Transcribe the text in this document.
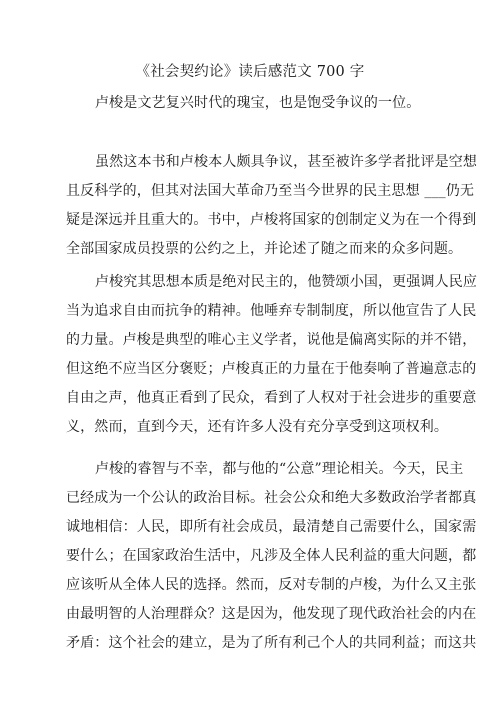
《社会契约论》读后感范文 700 字
卢梭是文艺复兴时代的瑰宝，也是饱受争议的一位。
虽然这本书和卢梭本人颇具争议，甚至被许多学者批评是空想
且反科学的，但其对法国大革命乃至当今世界的民主思想 ___仍无
疑是深远并且重大的。书中，卢梭将国家的创制定义为在一个得到
全部国家成员投票的公约之上，并论述了随之而来的众多问题。
卢梭究其思想本质是绝对民主的，他赞颂小国，更强调人民应
当为追求自由而抗争的精神。他唾弃专制制度，所以他宣告了人民
的力量。卢梭是典型的唯心主义学者，说他是偏离实际的并不错，
但这绝不应当区分褒贬；卢梭真正的力量在于他奏响了普遍意志的
自由之声，他真正看到了民众，看到了人权对于社会进步的重要意
义，然而，直到今天，还有许多人没有充分享受到这项权利。
卢梭的睿智与不幸，都与他的“公意”理论相关。今天，民主
已经成为一个公认的政治目标。社会公众和绝大多数政治学者都真
诚地相信：人民，即所有社会成员，最清楚自己需要什么，国家需
要什么；在国家政治生活中，凡涉及全体人民利益的重大问题，都
应该听从全体人民的选择。然而，反对专制的卢梭，为什么又主张
由最明智的人治理群众？这是因为，他发现了现代政治社会的内在
矛盾：这个社会的建立，是为了所有利己个人的共同利益；而这共
